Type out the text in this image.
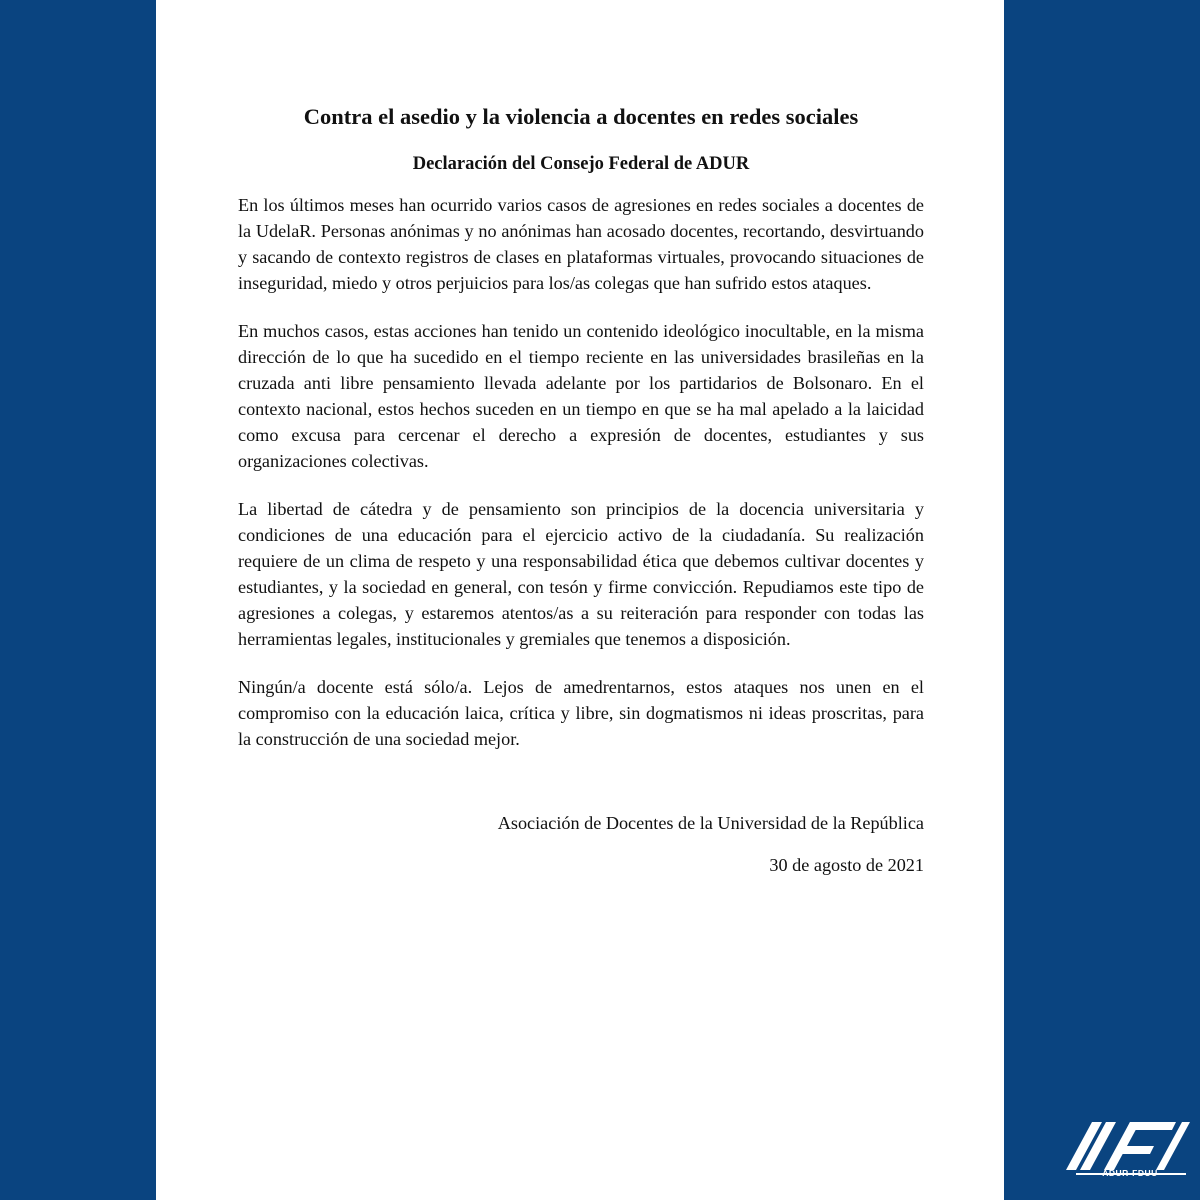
Contra el asedio y la violencia a docentes en redes sociales
Declaración del Consejo Federal de ADUR

En los últimos meses han ocurrido varios casos de agresiones en redes sociales a docentes de la UdelaR. Personas anónimas y no anónimas han acosado docentes, recortando, desvirtuando y sacando de contexto registros de clases en plataformas virtuales, provocando situaciones de inseguridad, miedo y otros perjuicios para los/as colegas que han sufrido estos ataques.

En muchos casos, estas acciones han tenido un contenido ideológico inocultable, en la misma dirección de lo que ha sucedido en el tiempo reciente en las universidades brasileñas en la cruzada anti libre pensamiento llevada adelante por los partidarios de Bolsonaro. En el contexto nacional, estos hechos suceden en un tiempo en que se ha mal apelado a la laicidad como excusa para cercenar el derecho a expresión de docentes, estudiantes y sus organizaciones colectivas.

La libertad de cátedra y de pensamiento son principios de la docencia universitaria y condiciones de una educación para el ejercicio activo de la ciudadanía. Su realización requiere de un clima de respeto y una responsabilidad ética que debemos cultivar docentes y estudiantes, y la sociedad en general, con tesón y firme convicción. Repudiamos este tipo de agresiones a colegas, y estaremos atentos/as a su reiteración para responder con todas las herramientas legales, institucionales y gremiales que tenemos a disposición.

Ningún/a docente está sólo/a. Lejos de amedrentarnos, estos ataques nos unen en el compromiso con la educación laica, crítica y libre, sin dogmatismos ni ideas proscritas, para la construcción de una sociedad mejor.

Asociación de Docentes de la Universidad de la República
30 de agosto de 2021
ADUR-FDUU
